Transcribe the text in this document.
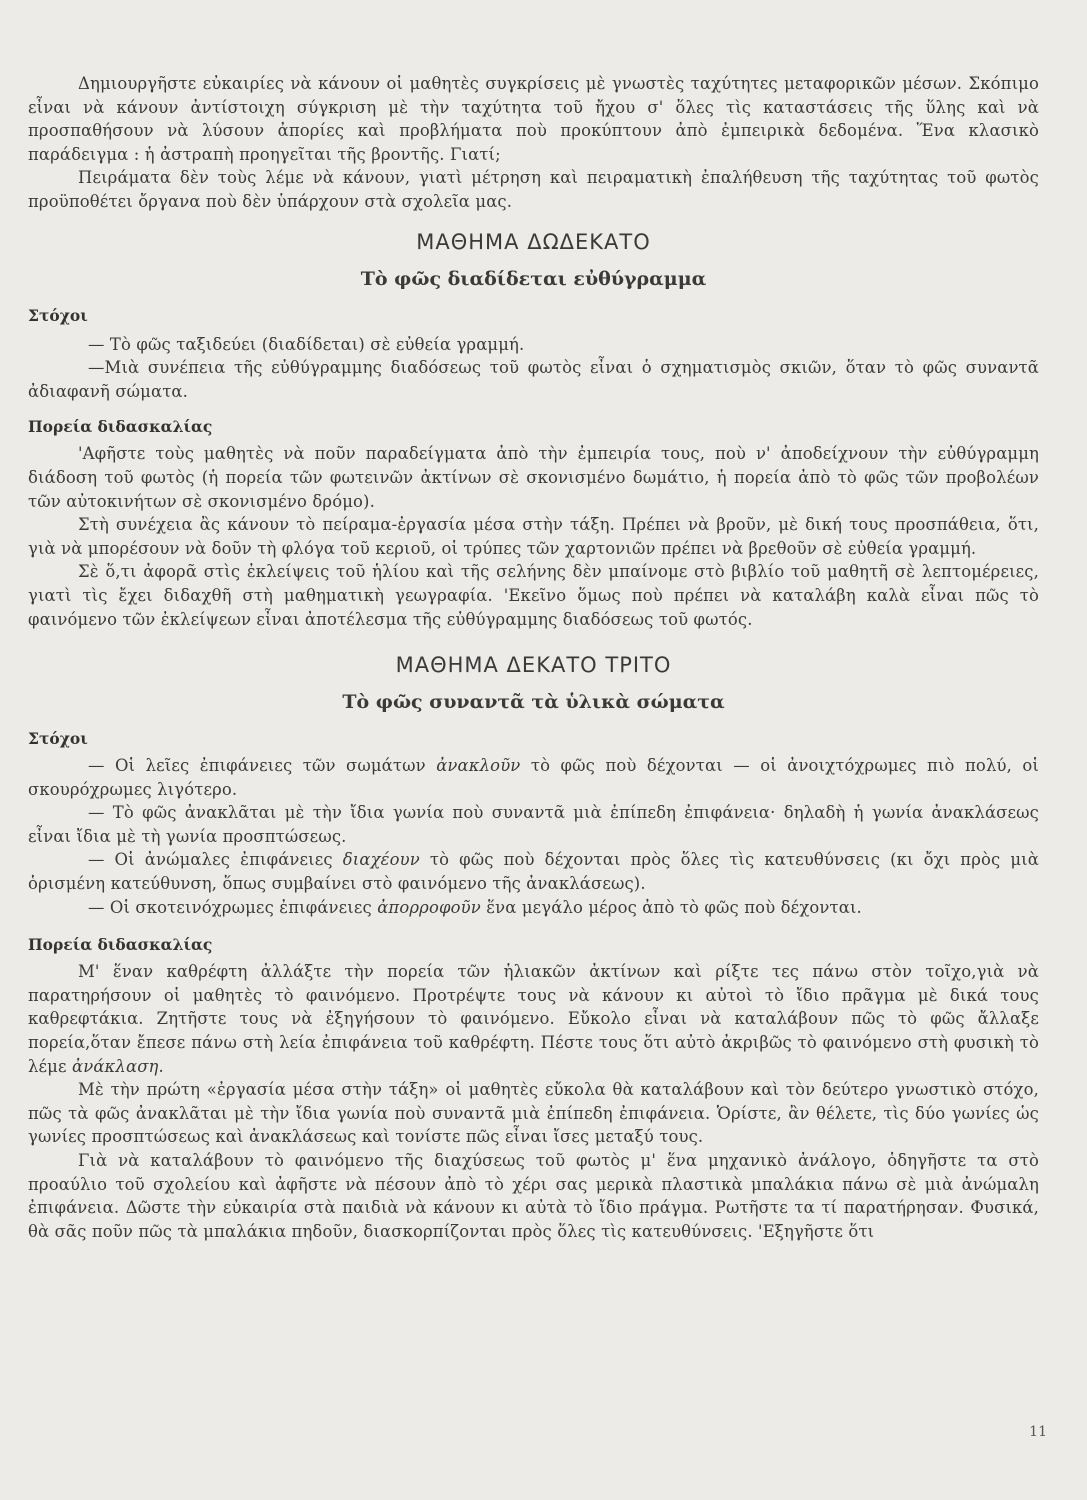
Δημιουργῆστε εὐκαιρίες νὰ κάνουν οἱ μαθητὲς συγκρίσεις μὲ γνωστὲς ταχύτητες μεταφορικῶν μέσων. Σκόπιμο εἶναι νὰ κάνουν ἀντίστοιχη σύγκριση μὲ τὴν ταχύτητα τοῦ ἤχου σ' ὅλες τὶς καταστάσεις τῆς ὕλης καὶ νὰ προσπαθήσουν νὰ λύσουν ἀπορίες καὶ προβλήματα ποὺ προκύπτουν ἀπὸ ἐμπειρικὰ δεδομένα. Ἕνα κλασικὸ παράδειγμα : ἡ ἀστραπὴ προηγεῖται τῆς βροντῆς. Γιατί;

Πειράματα δὲν τοὺς λέμε νὰ κάνουν, γιατὶ μέτρηση καὶ πειραματικὴ ἐπαλήθευση τῆς ταχύτητας τοῦ φωτὸς προϋποθέτει ὄργανα ποὺ δὲν ὑπάρχουν στὰ σχολεῖα μας.

ΜΑΘΗΜΑ ΔΩΔΕΚΑΤΟ
Τὸ φῶς διαδίδεται εὐθύγραμμα
Στόχοι

— Τὸ φῶς ταξιδεύει (διαδίδεται) σὲ εὐθεία γραμμή.

—Μιὰ συνέπεια τῆς εὐθύγραμμης διαδόσεως τοῦ φωτὸς εἶναι ὁ σχηματισμὸς σκιῶν, ὅταν τὸ φῶς συναντᾶ ἀδιαφανῆ σώματα.

Πορεία διδασκαλίας

'Αφῆστε τοὺς μαθητὲς νὰ ποῦν παραδείγματα ἀπὸ τὴν ἐμπειρία τους, ποὺ ν' ἀποδείχνουν τὴν εὐθύγραμμη διάδοση τοῦ φωτὸς (ἡ πορεία τῶν φωτεινῶν ἀκτίνων σὲ σκονισμένο δωμάτιο, ἡ πορεία ἀπὸ τὸ φῶς τῶν προβολέων τῶν αὐτοκινήτων σὲ σκονισμένο δρόμο).

Στὴ συνέχεια ἂς κάνουν τὸ πείραμα-ἐργασία μέσα στὴν τάξη. Πρέπει νὰ βροῦν, μὲ δική τους προσπάθεια, ὅτι, γιὰ νὰ μπορέσουν νὰ δοῦν τὴ φλόγα τοῦ κεριοῦ, οἱ τρύπες τῶν χαρτονιῶν πρέπει νὰ βρεθοῦν σὲ εὐθεία γραμμή.

Σὲ ὅ,τι ἀφορᾶ στὶς ἐκλείψεις τοῦ ἡλίου καὶ τῆς σελήνης δὲν μπαίνομε στὸ βιβλίο τοῦ μαθητῆ σὲ λεπτομέρειες, γιατὶ τὶς ἔχει διδαχθῆ στὴ μαθηματικὴ γεωγραφία. 'Εκεῖνο ὅμως ποὺ πρέπει νὰ καταλάβη καλὰ εἶναι πῶς τὸ φαινόμενο τῶν ἐκλείψεων εἶναι ἀποτέλεσμα τῆς εὐθύγραμμης διαδόσεως τοῦ φωτός.

ΜΑΘΗΜΑ ΔΕΚΑΤΟ ΤΡΙΤΟ
Τὸ φῶς συναντᾶ τὰ ὑλικὰ σώματα
Στόχοι

— Οἱ λεῖες ἐπιφάνειες τῶν σωμάτων ἀνακλοῦν τὸ φῶς ποὺ δέχονται — οἱ ἀνοιχτόχρωμες πιὸ πολύ, οἱ σκουρόχρωμες λιγότερο.

— Τὸ φῶς ἀνακλᾶται μὲ τὴν ἴδια γωνία ποὺ συναντᾶ μιὰ ἐπίπεδη ἐπιφάνεια· δηλαδὴ ἡ γωνία ἀνακλάσεως εἶναι ἴδια μὲ τὴ γωνία προσπτώσεως.

— Οἱ ἀνώμαλες ἐπιφάνειες διαχέουν τὸ φῶς ποὺ δέχονται πρὸς ὅλες τὶς κατευθύνσεις (κι ὄχι πρὸς μιὰ ὁρισμένη κατεύθυνση, ὅπως συμβαίνει στὸ φαινόμενο τῆς ἀνακλάσεως).

— Οἱ σκοτεινόχρωμες ἐπιφάνειες ἀπορροφοῦν ἕνα μεγάλο μέρος ἀπὸ τὸ φῶς ποὺ δέχονται.

Πορεία διδασκαλίας

Μ' ἕναν καθρέφτη ἀλλάξτε τὴν πορεία τῶν ἡλιακῶν ἀκτίνων καὶ ρίξτε τες πάνω στὸν τοῖχο,γιὰ νὰ παρατηρήσουν οἱ μαθητὲς τὸ φαινόμενο. Προτρέψτε τους νὰ κάνουν κι αὐτοὶ τὸ ἴδιο πρᾶγμα μὲ δικά τους καθρεφτάκια. Ζητῆστε τους νὰ ἐξηγήσουν τὸ φαινόμενο. Εὔκολο εἶναι νὰ καταλάβουν πῶς τὸ φῶς ἄλλαξε πορεία,ὅταν ἔπεσε πάνω στὴ λεία ἐπιφάνεια τοῦ καθρέφτη. Πέστε τους ὅτι αὐτὸ ἀκριβῶς τὸ φαινόμενο στὴ φυσικὴ τὸ λέμε ἀνάκλαση.

Μὲ τὴν πρώτη «ἐργασία μέσα στὴν τάξη» οἱ μαθητὲς εὔκολα θὰ καταλάβουν καὶ τὸν δεύτερο γνωστικὸ στόχο, πῶς τὰ φῶς ἀνακλᾶται μὲ τὴν ἴδια γωνία ποὺ συναντᾶ μιὰ ἐπίπεδη ἐπιφάνεια. Ὁρίστε, ἂν θέλετε, τὶς δύο γωνίες ὡς γωνίες προσπτώσεως καὶ ἀνακλάσεως καὶ τονίστε πῶς εἶναι ἴσες μεταξύ τους.

Γιὰ νὰ καταλάβουν τὸ φαινόμενο τῆς διαχύσεως τοῦ φωτὸς μ' ἕνα μηχανικὸ ἀνάλογο, ὁδηγῆστε τα στὸ προαύλιο τοῦ σχολείου καὶ ἀφῆστε νὰ πέσουν ἀπὸ τὸ χέρι σας μερικὰ πλαστικὰ μπαλάκια πάνω σὲ μιὰ ἀνώμαλη ἐπιφάνεια. Δῶστε τὴν εὐκαιρία στὰ παιδιὰ νὰ κάνουν κι αὐτὰ τὸ ἴδιο πράγμα. Ρωτῆστε τα τί παρατήρησαν. Φυσικά, θὰ σᾶς ποῦν πῶς τὰ μπαλάκια πηδοῦν, διασκορπίζονται πρὸς ὅλες τὶς κατευθύνσεις. 'Εξηγῆστε ὅτι

11
